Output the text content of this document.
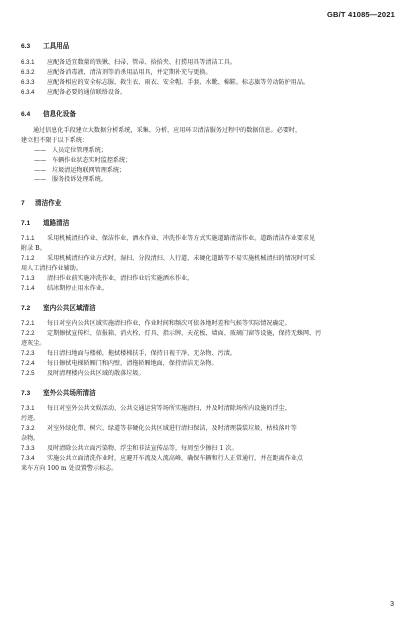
GB/T 41085—2021

6.3 工具用品

6.3.1 应配备适宜数量的铁锹、扫帚、管帚、拾拾夹、打捞用具等清洁工具。

6.3.2 应配备消毒液、清洁剂等消杀用品用具，并定期补充与更换。

6.3.3 应配备相应的安全标志服、救生衣、雨衣、安全帽、手套、水靴、棉鞋、标志旗等劳动防护用品。

6.3.4 应配备必要的通信联络设备。

6.4 信息化设备

通过信息化手段建立大数据分析系统，采集、分析、应用环卫清洁服务过程中的数据信息。必要时，

建立但不限于以下系统：

—— 人员定位管理系统；

—— 车辆作业状态实时监控系统；

—— 垃圾清运物联网管理系统；

—— 服务投诉处理系统。

7 清洁作业

7.1 道路清洁

7.1.1 采用机械清扫作业、保洁作业、洒水作业、冲洗作业等方式实施道路清洁作业。道路清洁作业要求见

附录 B。

7.1.2 采用机械清扫作业方式时，湿扫、分段清扫、人行道、未硬化道路等不易实施机械清扫的情况时可采

用人工清扫作业辅助。

7.1.3 清扫作业前实施冲洗作业，清扫作业后实施洒水作业。

7.1.4 结冰期停止用水作业。

7.2 室内公共区域清洁

7.2.1 每日对室内公共区域实施清扫作业，作业时间和频次可依各地时差和气候等实际情况确定。

7.2.2 定期擦拭宣传栏、信报箱、消火栓、灯具、指示牌、天花板、墙面、玻璃门窗等设施，保持无蛛网、污

迹灰尘。

7.2.3 每日清扫地面与楼梯，拖拭楼梯扶手，保持日视干净，无杂物、污渍。

7.2.4 每日擦拭电梯轿厢门和内壁，清拖轿厢地面，保持清洁无杂物。

7.2.5 及时清理楼内公共区域的散落垃圾。

7.3 室外公共场所清洁

7.3.1 每日对室外公共文娱活动、公共交通运营等场所实施清扫，并及时清除场所内设施的浮尘、

污迹。

7.3.2 对室外绿化带、树穴、绿道等非硬化公共区域进行清扫保洁，及时清理袋装垃圾、枯枝落叶等

杂物。

7.3.3 及时清除公共立面污染物、浮尘和非法宣传品等，每周至少擦扫 1 次。

7.3.4 实施公共立面清洗作业时，应避开车流及人流高峰，确保车辆和行人正常通行，并在距离作业点

来车方向 100 m 处设置警示标志。

3
